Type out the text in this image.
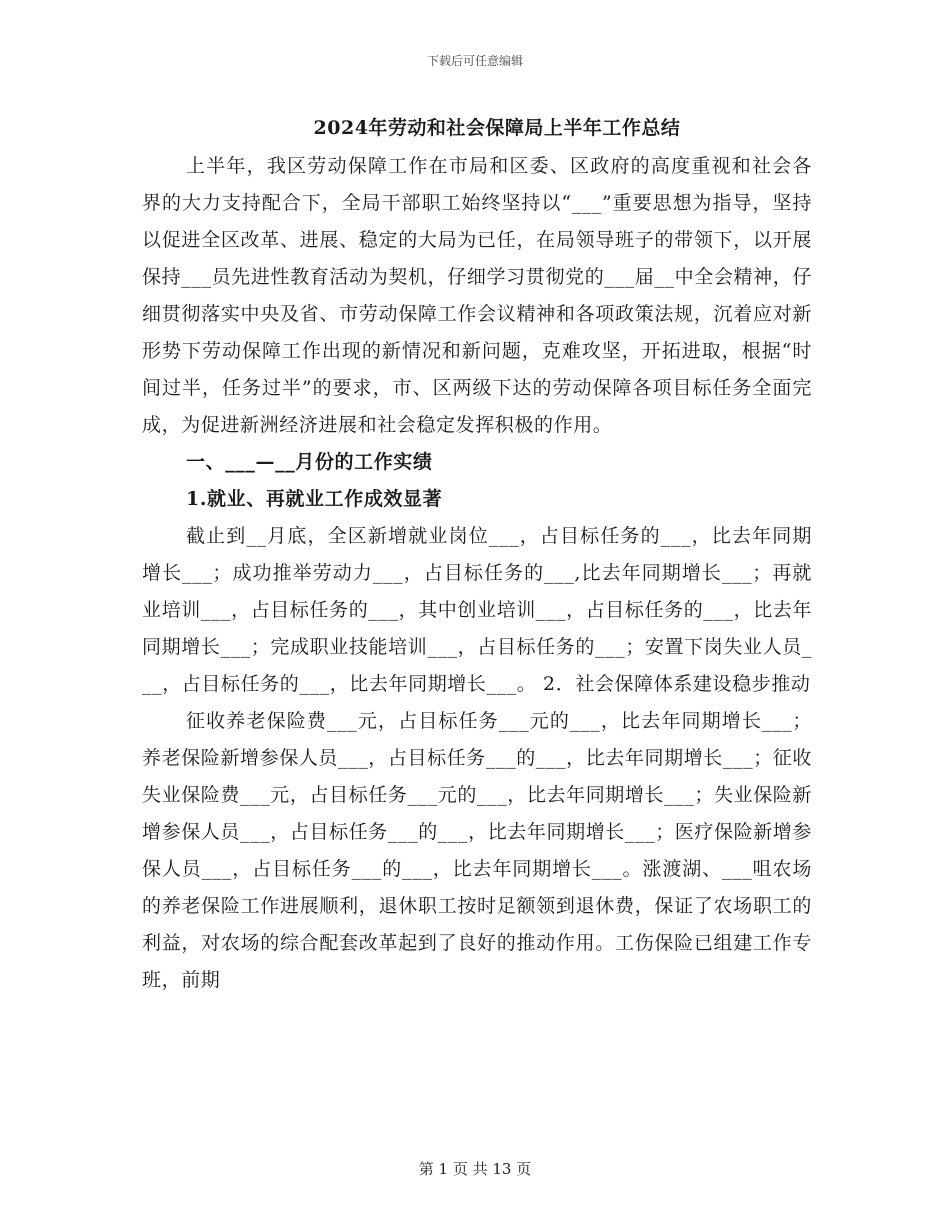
下载后可任意编辑
2024年劳动和社会保障局上半年工作总结

上半年，我区劳动保障工作在市局和区委、区政府的高度重视和社会各界的大力支持配合下，全局干部职工始终坚持以“___”重要思想为指导，坚持以促进全区改革、进展、稳定的大局为已任，在局领导班子的带领下，以开展保持___员先进性教育活动为契机，仔细学习贯彻党的___届__中全会精神，仔细贯彻落实中央及省、市劳动保障工作会议精神和各项政策法规，沉着应对新形势下劳动保障工作出现的新情况和新问题，克难攻坚，开拓进取，根据“时间过半，任务过半”的要求，市、区两级下达的劳动保障各项目标任务全面完成，为促进新洲经济进展和社会稳定发挥积极的作用。

一、___—__月份的工作实绩

1.就业、再就业工作成效显著

截止到__月底，全区新增就业岗位___，占目标任务的___，比去年同期增长___；成功推举劳动力___，占目标任务的___,比去年同期增长___；再就业培训___，占目标任务的___，其中创业培训___，占目标任务的___，比去年同期增长___；完成职业技能培训___，占目标任务的___；安置下岗失业人员___，占目标任务的___，比去年同期增长___。 2．社会保障体系建设稳步推动

征收养老保险费___元，占目标任务___元的___，比去年同期增长___；养老保险新增参保人员___，占目标任务___的___，比去年同期增长___；征收失业保险费___元，占目标任务___元的___，比去年同期增长___；失业保险新增参保人员___，占目标任务___的___，比去年同期增长___；医疗保险新增参保人员___，占目标任务___的___，比去年同期增长___。涨渡湖、___咀农场的养老保险工作进展顺利，退休职工按时足额领到退休费，保证了农场职工的利益，对农场的综合配套改革起到了良好的推动作用。工伤保险已组建工作专班，前期

第 1 页 共 13 页
